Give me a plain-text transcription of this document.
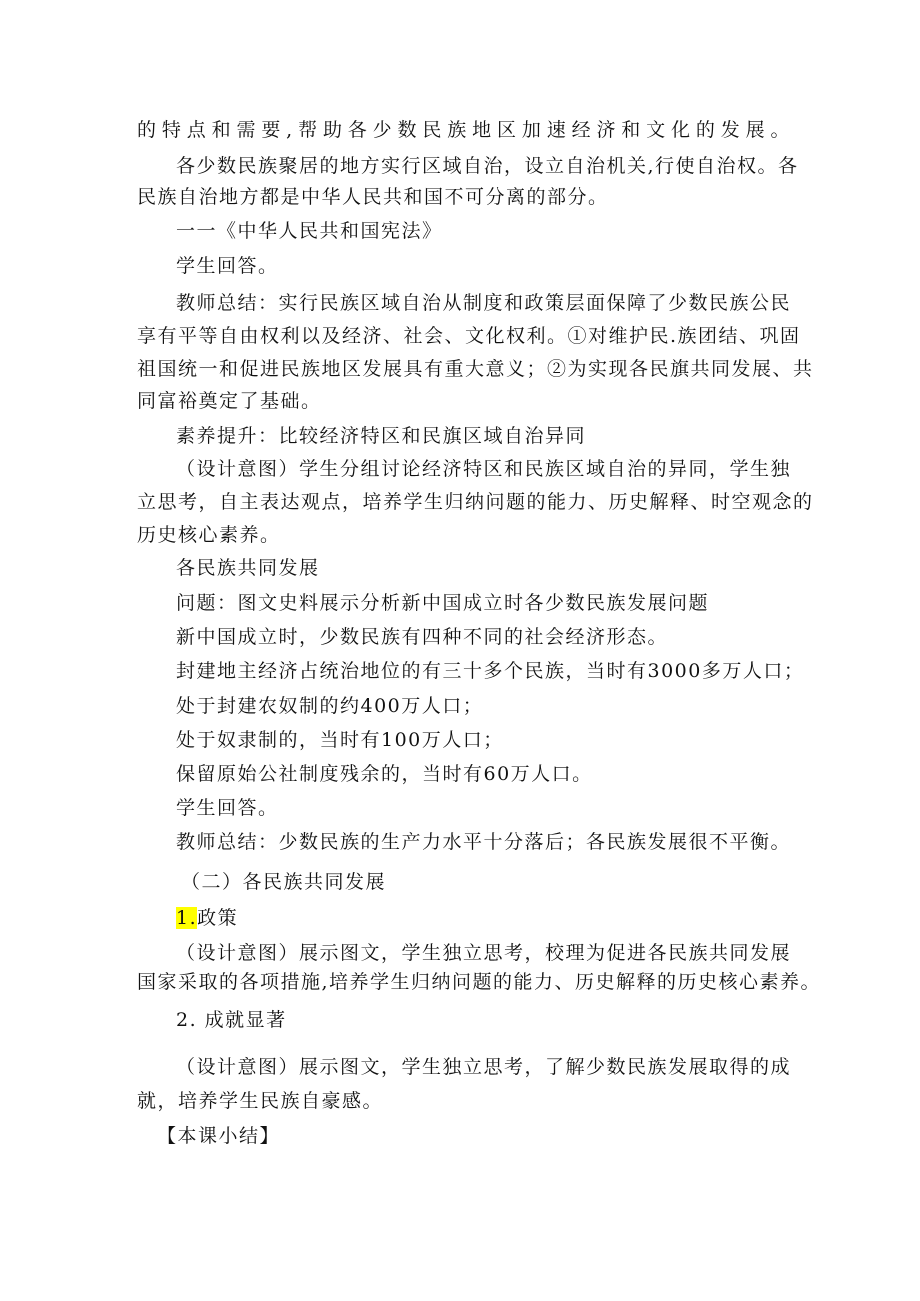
的特点和需要,帮助各少数民族地区加速经济和文化的发展。
各少数民族聚居的地方实行区域自治，设立自治机关,行使自治权。各
民族自治地方都是中华人民共和国不可分离的部分。
一一《中华人民共和国宪法》
学生回答。
教师总结：实行民族区域自治从制度和政策层面保障了少数民族公民
享有平等自由权利以及经济、社会、文化权利。①对维护民.族团结、巩固
祖国统一和促进民族地区发展具有重大意义；②为实现各民旗共同发展、共
同富裕奠定了基础。
素养提升：比较经济特区和民旗区域自治异同
（设计意图）学生分组讨论经济特区和民族区域自治的异同，学生独
立思考，自主表达观点，培养学生归纳问题的能力、历史解释、时空观念的
历史核心素养。
各民族共同发展
问题：图文史料展示分析新中国成立时各少数民族发展问题
新中国成立时，少数民族有四种不同的社会经济形态。
封建地主经济占统治地位的有三十多个民族，当时有3000多万人口；
处于封建农奴制的约400万人口；
处于奴隶制的，当时有100万人口；
保留原始公社制度残余的，当时有60万人口。
学生回答。
教师总结：少数民族的生产力水平十分落后；各民族发展很不平衡。
（二）各民族共同发展
1.政策
（设计意图）展示图文，学生独立思考，校理为促进各民族共同发展
国家采取的各项措施,培养学生归纳问题的能力、历史解释的历史核心素养。
2. 成就显著
（设计意图）展示图文，学生独立思考，了解少数民族发展取得的成
就，培养学生民族自豪感。
【本课小结】
